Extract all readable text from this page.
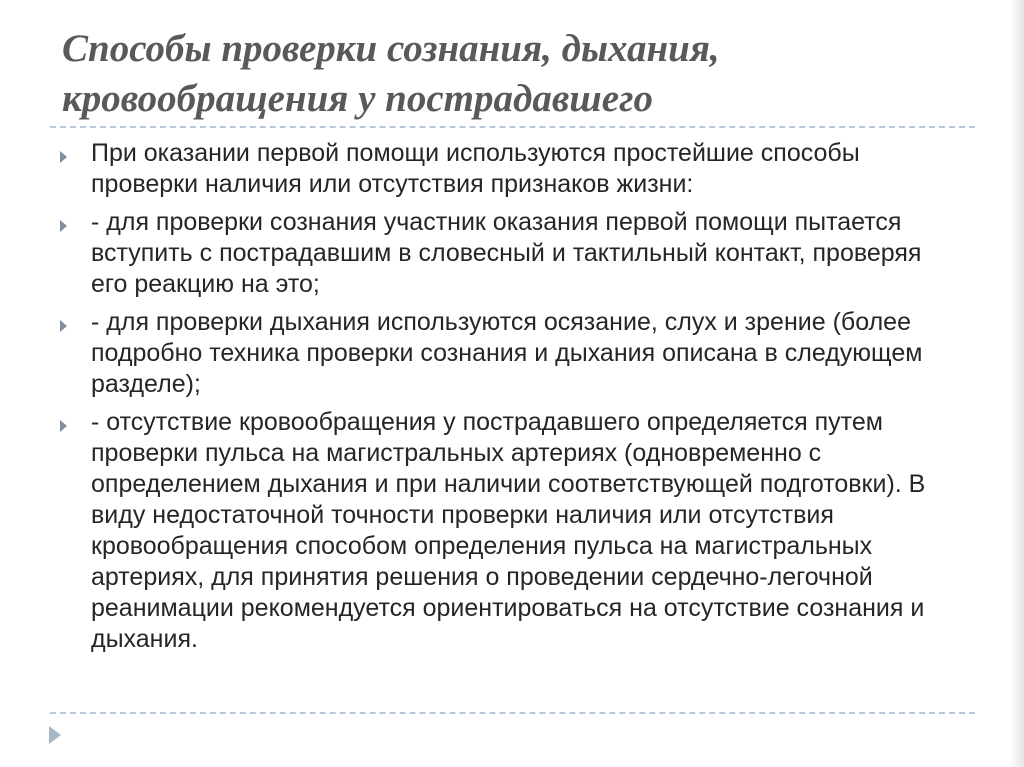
Способы проверки сознания, дыхания, кровообращения у пострадавшего
При оказании первой помощи используются простейшие способы проверки наличия или отсутствия признаков жизни:
- для проверки сознания участник оказания первой помощи пытается вступить с пострадавшим в словесный и тактильный контакт, проверяя его реакцию на это;
- для проверки дыхания используются осязание, слух и зрение (более подробно техника проверки сознания и дыхания описана в следующем разделе);
- отсутствие кровообращения у пострадавшего определяется путем проверки пульса на магистральных артериях (одновременно с определением дыхания и при наличии соответствующей подготовки). В виду недостаточной точности проверки наличия или отсутствия кровообращения способом определения пульса на магистральных артериях, для принятия решения о проведении сердечно-легочной реанимации рекомендуется ориентироваться на отсутствие сознания и дыхания.
